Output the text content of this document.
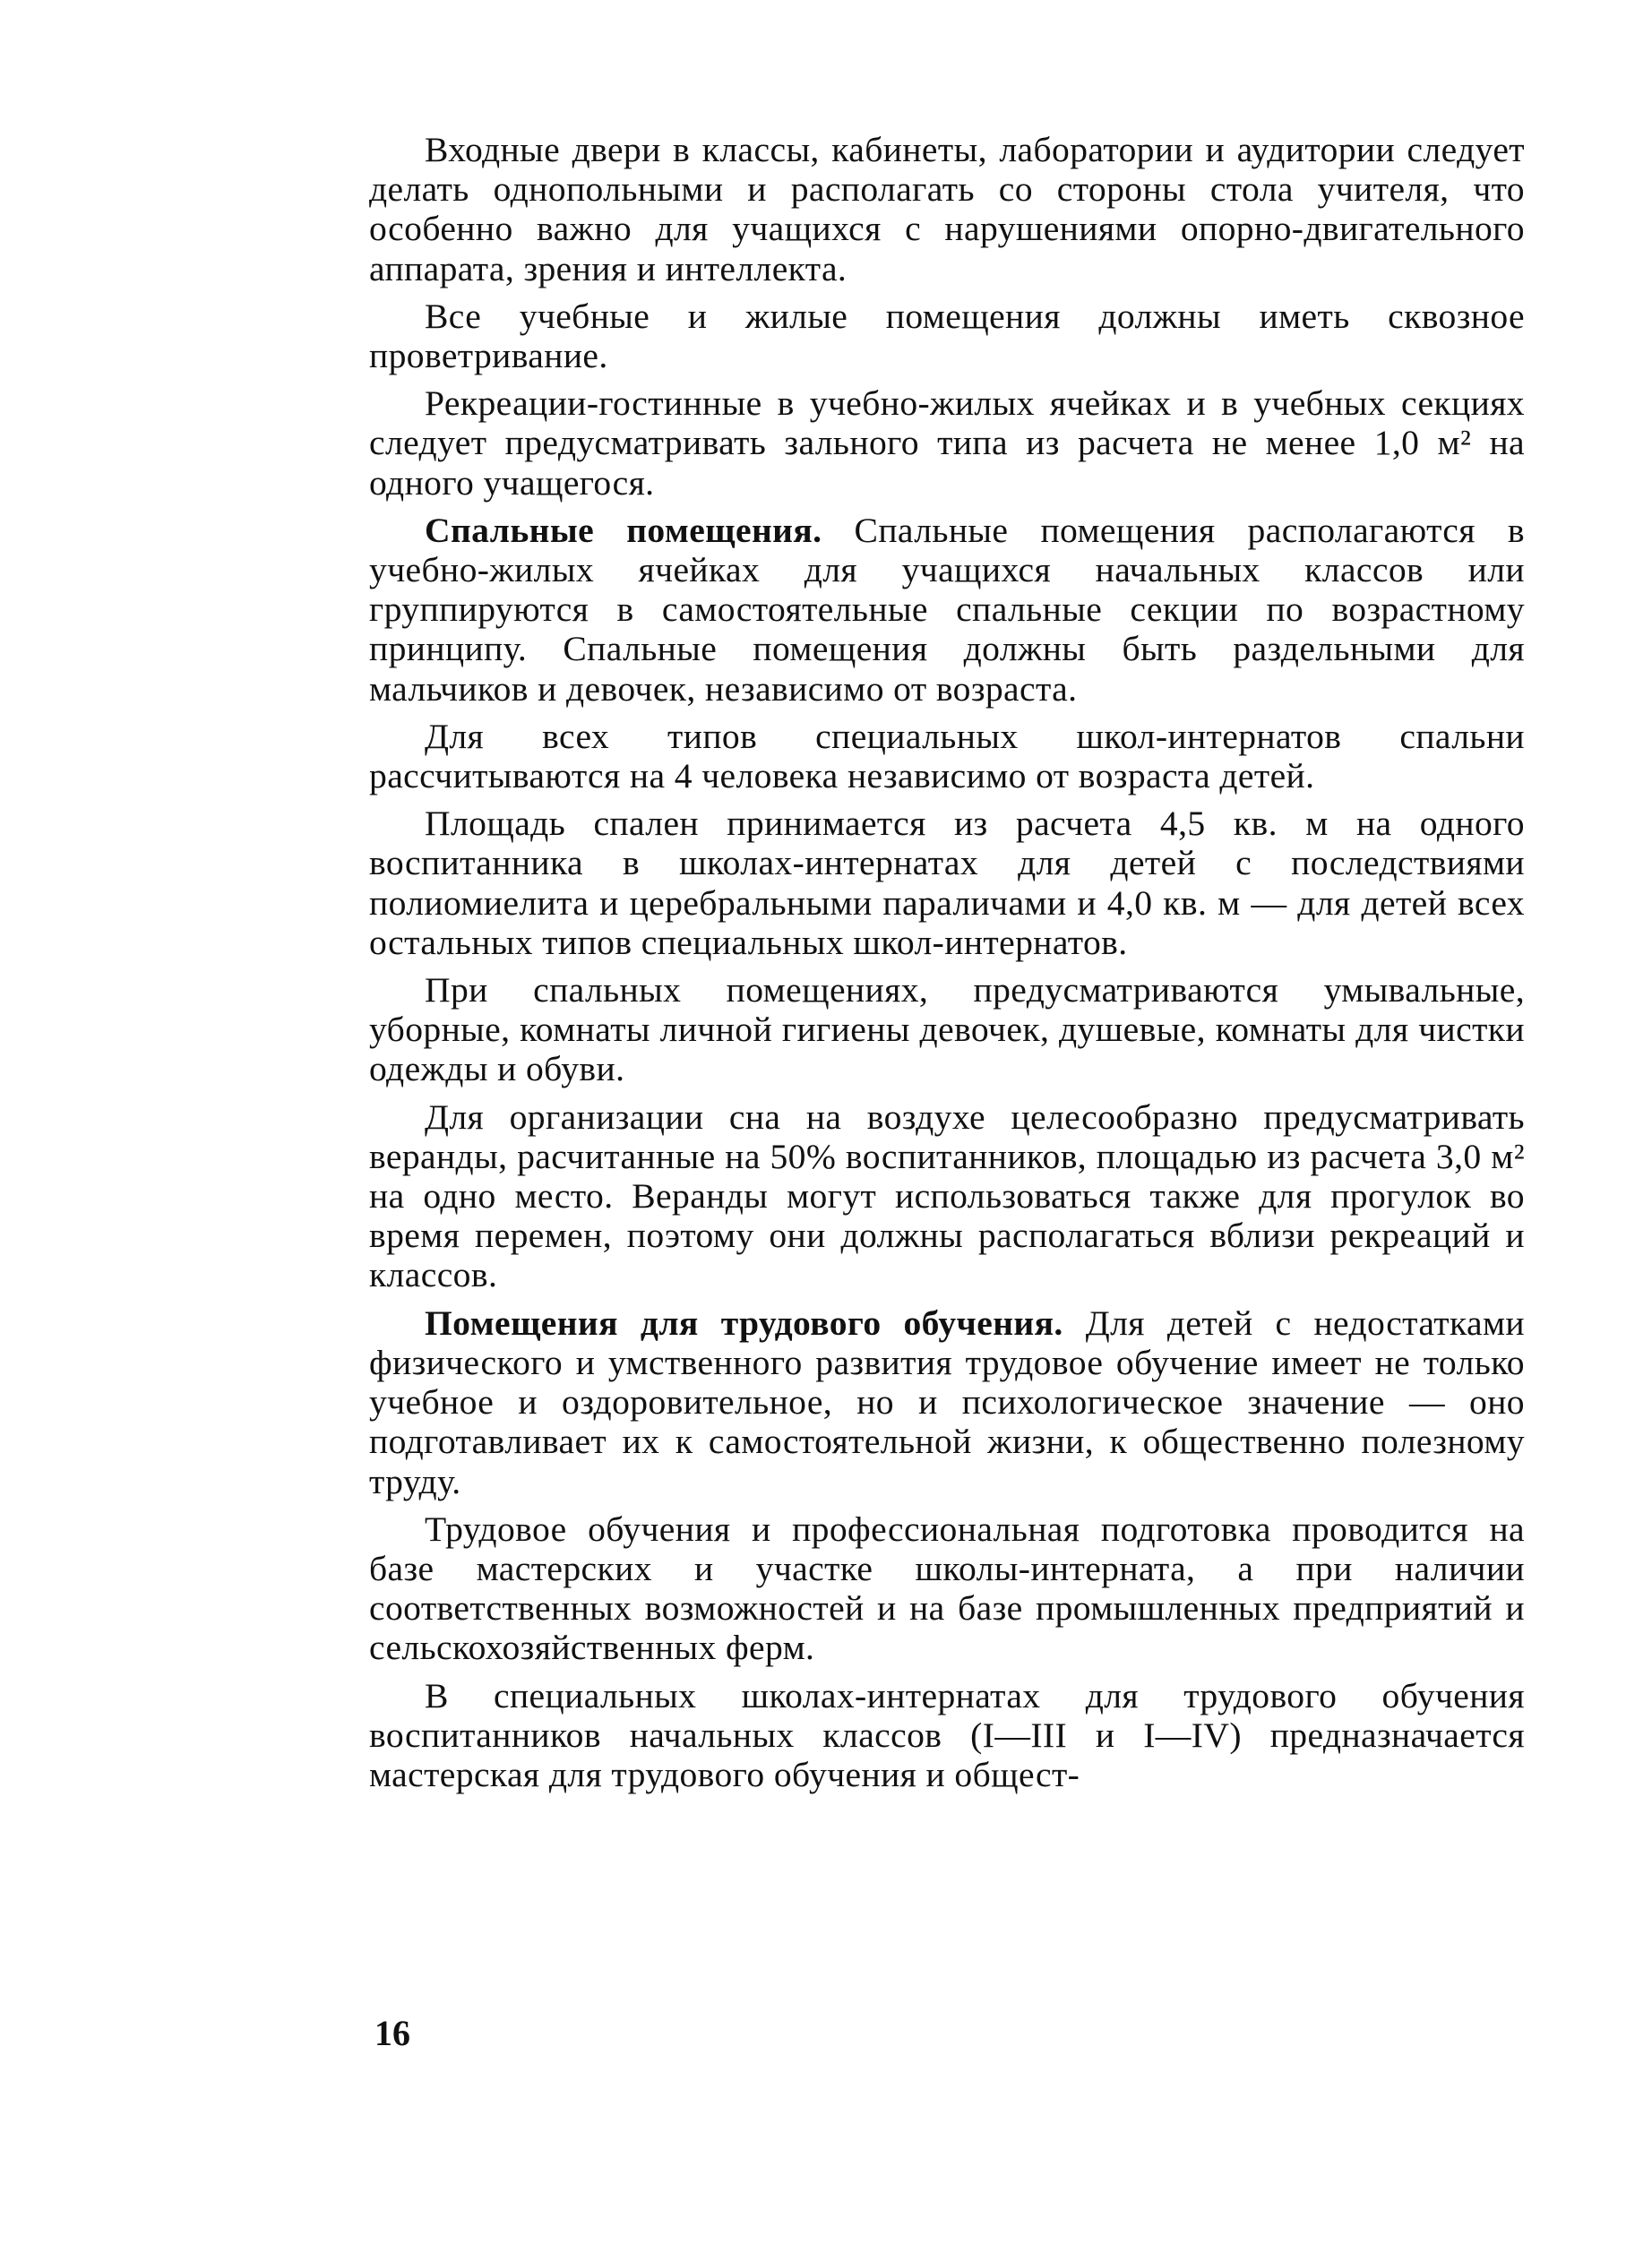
Входные двери в классы, кабинеты, лаборатории и аудитории следует делать однопольными и располагать со стороны стола учителя, что особенно важно для учащихся с нарушениями опорно-двигательного аппарата, зрения и интеллекта.

Все учебные и жилые помещения должны иметь сквозное проветривание.

Рекреации-гостинные в учебно-жилых ячейках и в учебных секциях следует предусматривать зального типа из расчета не менее 1,0 м² на одного учащегося.

Спальные помещения. Спальные помещения располагаются в учебно-жилых ячейках для учащихся начальных классов или группируются в самостоятельные спальные секции по возрастному принципу. Спальные помещения должны быть раздельными для мальчиков и девочек, независимо от возраста.

Для всех типов специальных школ-интернатов спальни рассчитываются на 4 человека независимо от возраста детей.

Площадь спален принимается из расчета 4,5 кв. м на одного воспитанника в школах-интернатах для детей с последствиями полиомиелита и церебральными параличами и 4,0 кв. м — для детей всех остальных типов специальных школ-интернатов.

При спальных помещениях, предусматриваются умывальные, уборные, комнаты личной гигиены девочек, душевые, комнаты для чистки одежды и обуви.

Для организации сна на воздухе целесообразно предусматривать веранды, расчитанные на 50% воспитанников, площадью из расчета 3,0 м² на одно место. Веранды могут использоваться также для прогулок во время перемен, поэтому они должны располагаться вблизи рекреаций и классов.

Помещения для трудового обучения. Для детей с недостатками физического и умственного развития трудовое обучение имеет не только учебное и оздоровительное, но и психологическое значение — оно подготавливает их к самостоятельной жизни, к общественно полезному труду.

Трудовое обучения и профессиональная подготовка проводится на базе мастерских и участке школы-интерната, а при наличии соответственных возможностей и на базе промышленных предприятий и сельскохозяйственных ферм.

В специальных школах-интернатах для трудового обучения воспитанников начальных классов (I—III и I—IV) предназначается мастерская для трудового обучения и общест-

16
